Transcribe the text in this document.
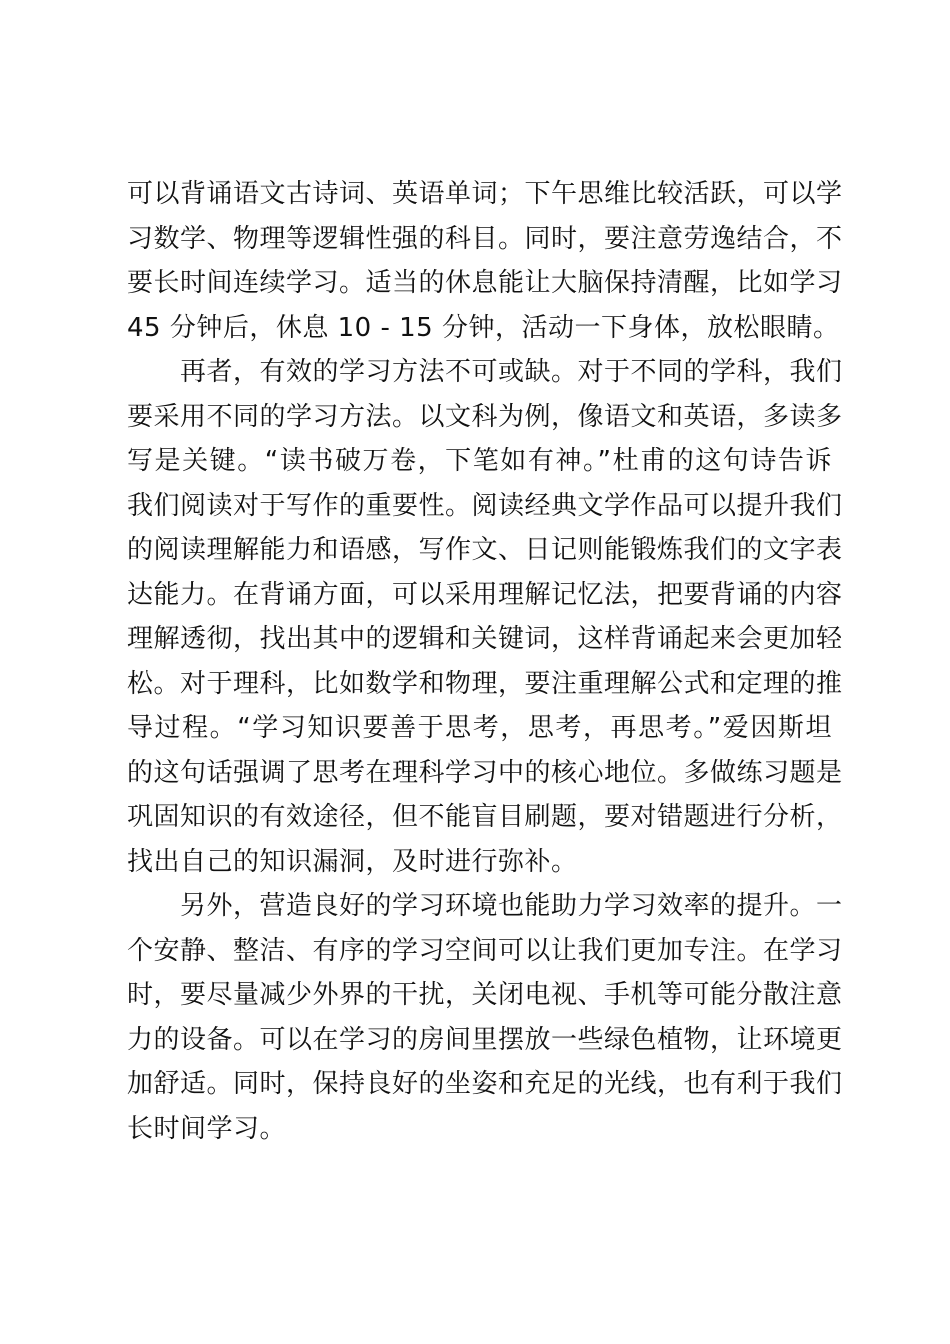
可以背诵语文古诗词、英语单词；下午思维比较活跃，可以学
习数学、物理等逻辑性强的科目。同时，要注意劳逸结合，不
要长时间连续学习。适当的休息能让大脑保持清醒，比如学习
45 分钟后，休息 10 - 15 分钟，活动一下身体，放松眼睛。
　　再者，有效的学习方法不可或缺。对于不同的学科，我们
要采用不同的学习方法。以文科为例，像语文和英语，多读多
写是关键。“读书破万卷，下笔如有神。”杜甫的这句诗告诉
我们阅读对于写作的重要性。阅读经典文学作品可以提升我们
的阅读理解能力和语感，写作文、日记则能锻炼我们的文字表
达能力。在背诵方面，可以采用理解记忆法，把要背诵的内容
理解透彻，找出其中的逻辑和关键词，这样背诵起来会更加轻
松。对于理科，比如数学和物理，要注重理解公式和定理的推
导过程。“学习知识要善于思考，思考，再思考。”爱因斯坦
的这句话强调了思考在理科学习中的核心地位。多做练习题是
巩固知识的有效途径，但不能盲目刷题，要对错题进行分析，
找出自己的知识漏洞，及时进行弥补。
　　另外，营造良好的学习环境也能助力学习效率的提升。一
个安静、整洁、有序的学习空间可以让我们更加专注。在学习
时，要尽量减少外界的干扰，关闭电视、手机等可能分散注意
力的设备。可以在学习的房间里摆放一些绿色植物，让环境更
加舒适。同时，保持良好的坐姿和充足的光线，也有利于我们
长时间学习。
